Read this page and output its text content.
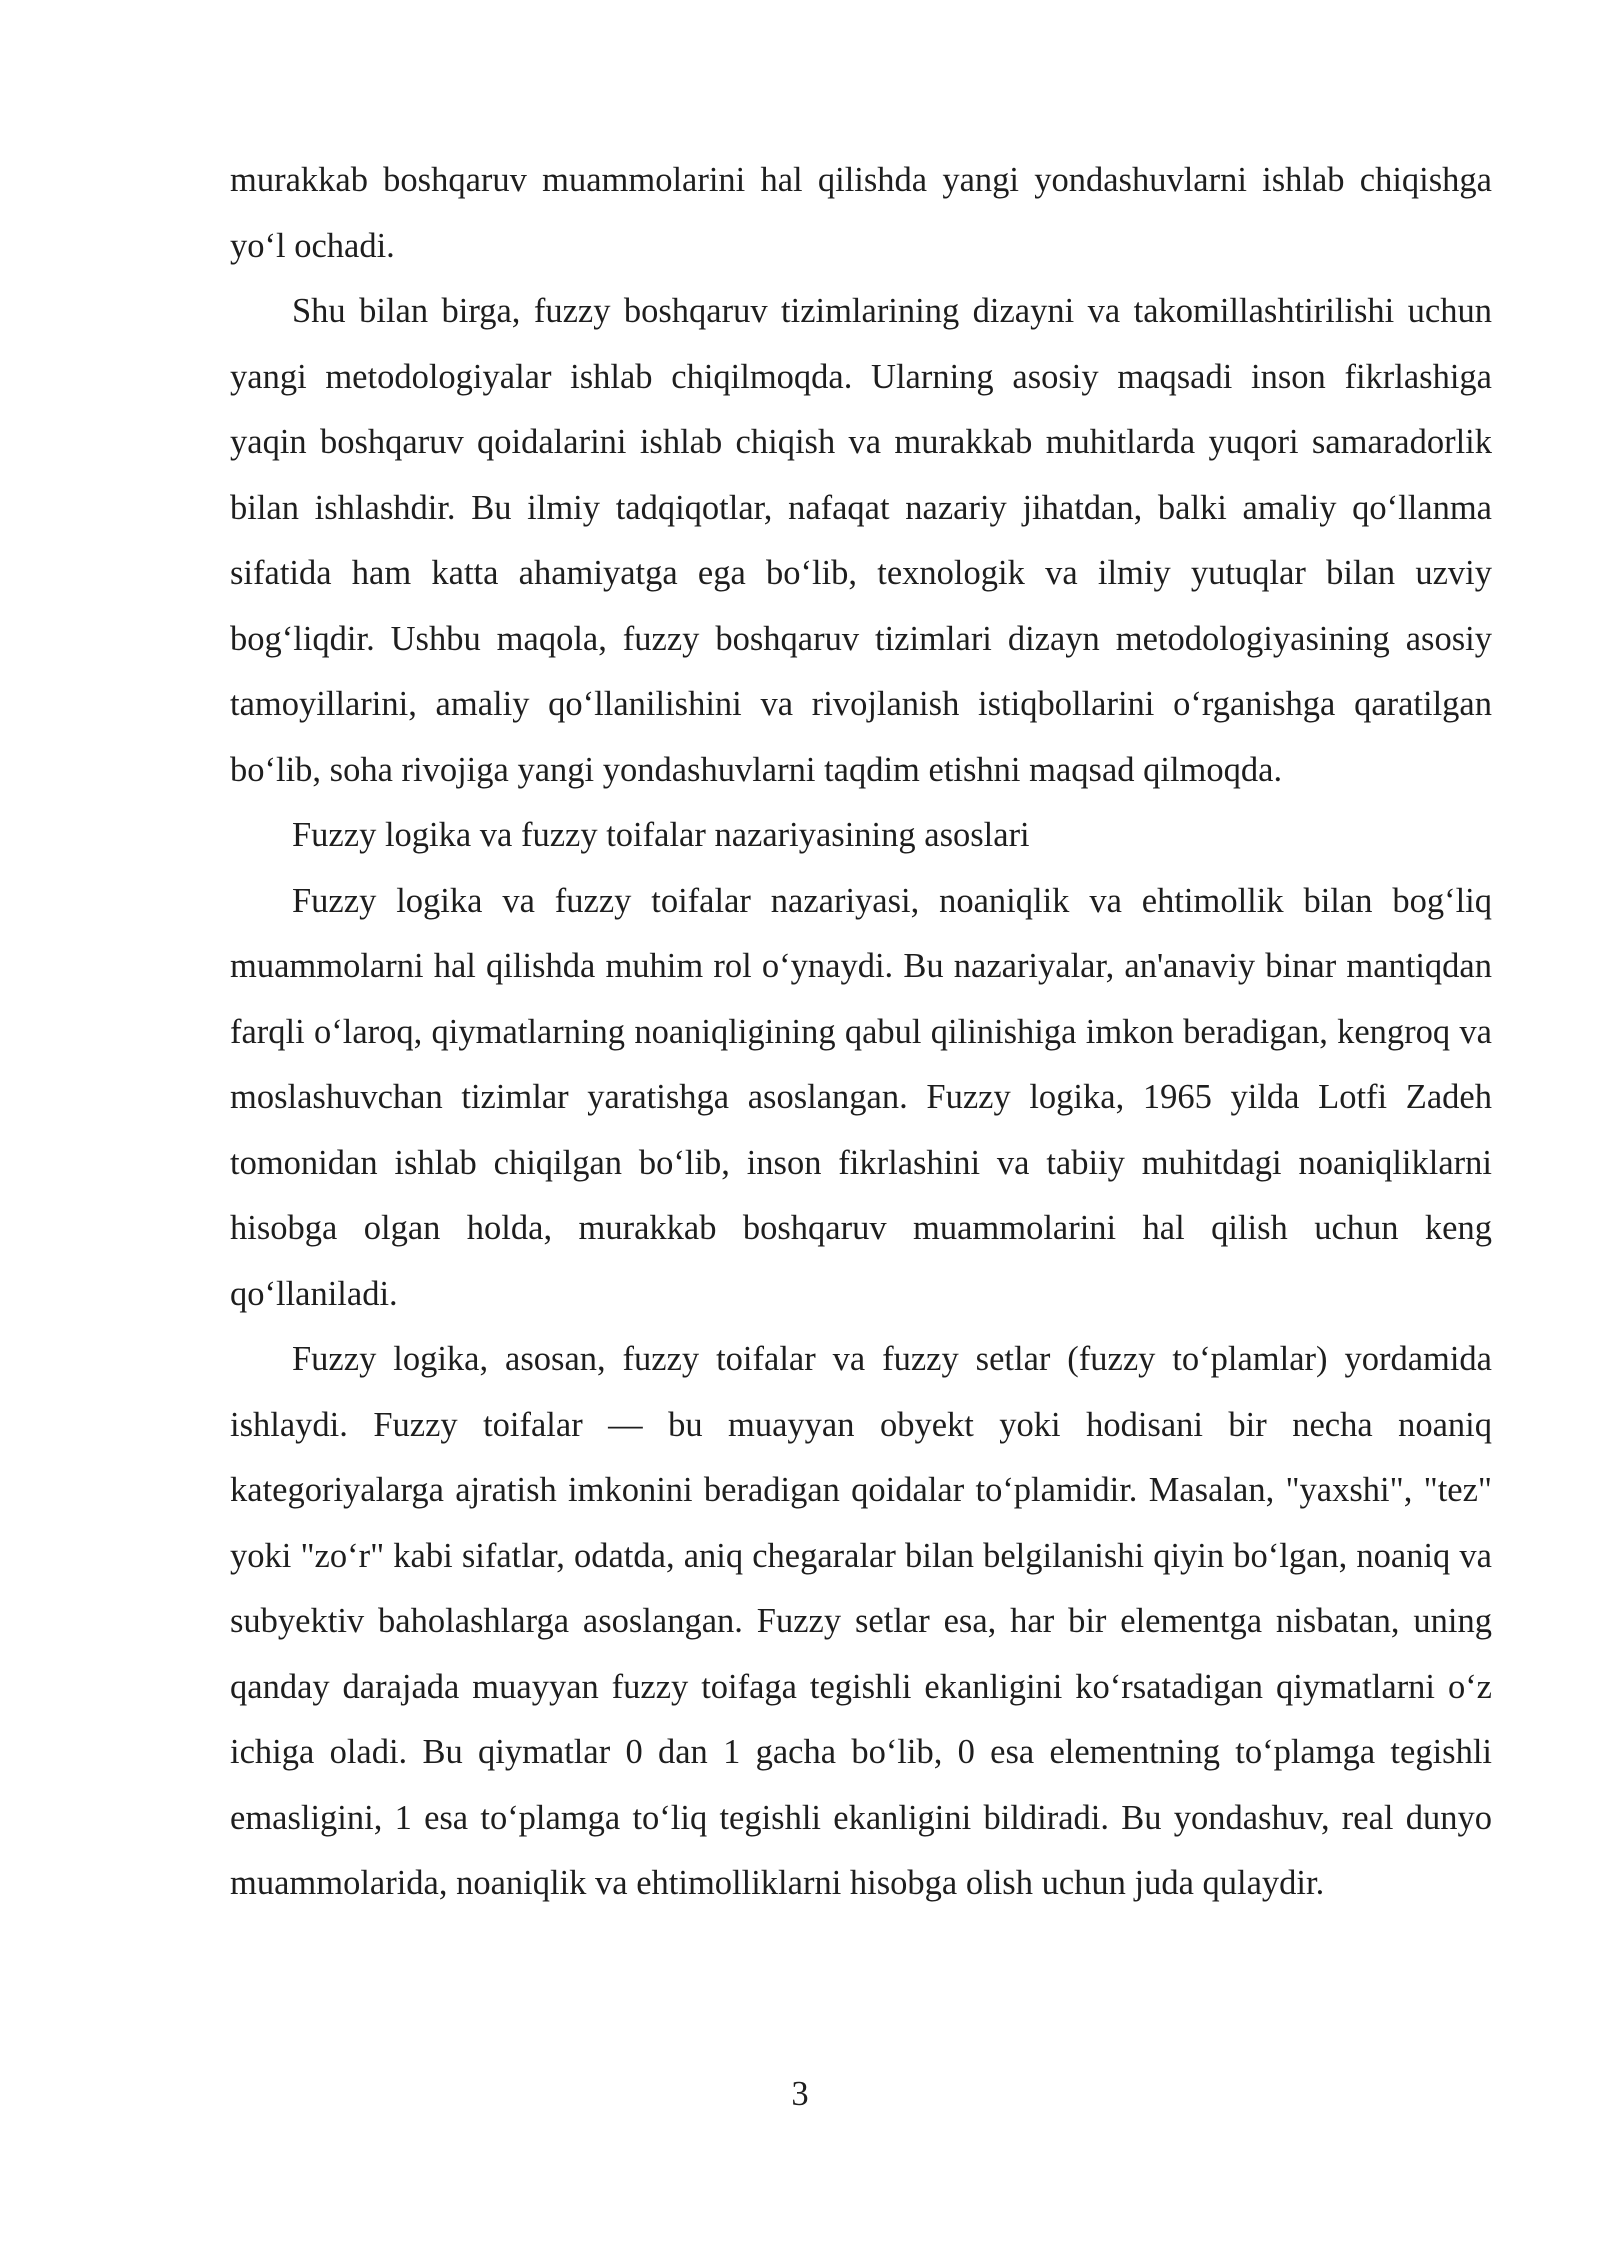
murakkab boshqaruv muammolarini hal qilishda yangi yondashuvlarni ishlab chiqishga yo‘l ochadi.

Shu bilan birga, fuzzy boshqaruv tizimlarining dizayni va takomillashtirilishi uchun yangi metodologiyalar ishlab chiqilmoqda. Ularning asosiy maqsadi inson fikrlashiga yaqin boshqaruv qoidalarini ishlab chiqish va murakkab muhitlarda yuqori samaradorlik bilan ishlashdir. Bu ilmiy tadqiqotlar, nafaqat nazariy jihatdan, balki amaliy qo‘llanma sifatida ham katta ahamiyatga ega bo‘lib, texnologik va ilmiy yutuqlar bilan uzviy bog‘liqdir. Ushbu maqola, fuzzy boshqaruv tizimlari dizayn metodologiyasining asosiy tamoyillarini, amaliy qo‘llanilishini va rivojlanish istiqbollarini o‘rganishga qaratilgan bo‘lib, soha rivojiga yangi yondashuvlarni taqdim etishni maqsad qilmoqda.

Fuzzy logika va fuzzy toifalar nazariyasining asoslari

Fuzzy logika va fuzzy toifalar nazariyasi, noaniqlik va ehtimollik bilan bog‘liq muammolarni hal qilishda muhim rol o‘ynaydi. Bu nazariyalar, an'anaviy binar mantiqdan farqli o‘laroq, qiymatlarning noaniqligining qabul qilinishiga imkon beradigan, kengroq va moslashuvchan tizimlar yaratishga asoslangan. Fuzzy logika, 1965 yilda Lotfi Zadeh tomonidan ishlab chiqilgan bo‘lib, inson fikrlashini va tabiiy muhitdagi noaniqliklarni hisobga olgan holda, murakkab boshqaruv muammolarini hal qilish uchun keng qo‘llaniladi.

Fuzzy logika, asosan, fuzzy toifalar va fuzzy setlar (fuzzy to‘plamlar) yordamida ishlaydi. Fuzzy toifalar — bu muayyan obyekt yoki hodisani bir necha noaniq kategoriyalarga ajratish imkonini beradigan qoidalar to‘plamidir. Masalan, "yaxshi", "tez" yoki "zo‘r" kabi sifatlar, odatda, aniq chegaralar bilan belgilanishi qiyin bo‘lgan, noaniq va subyektiv baholashlarga asoslangan. Fuzzy setlar esa, har bir elementga nisbatan, uning qanday darajada muayyan fuzzy toifaga tegishli ekanligini ko‘rsatadigan qiymatlarni o‘z ichiga oladi. Bu qiymatlar 0 dan 1 gacha bo‘lib, 0 esa elementning to‘plamga tegishli emasligini, 1 esa to‘plamga to‘liq tegishli ekanligini bildiradi. Bu yondashuv, real dunyo muammolarida, noaniqlik va ehtimolliklarni hisobga olish uchun juda qulaydir.

3
